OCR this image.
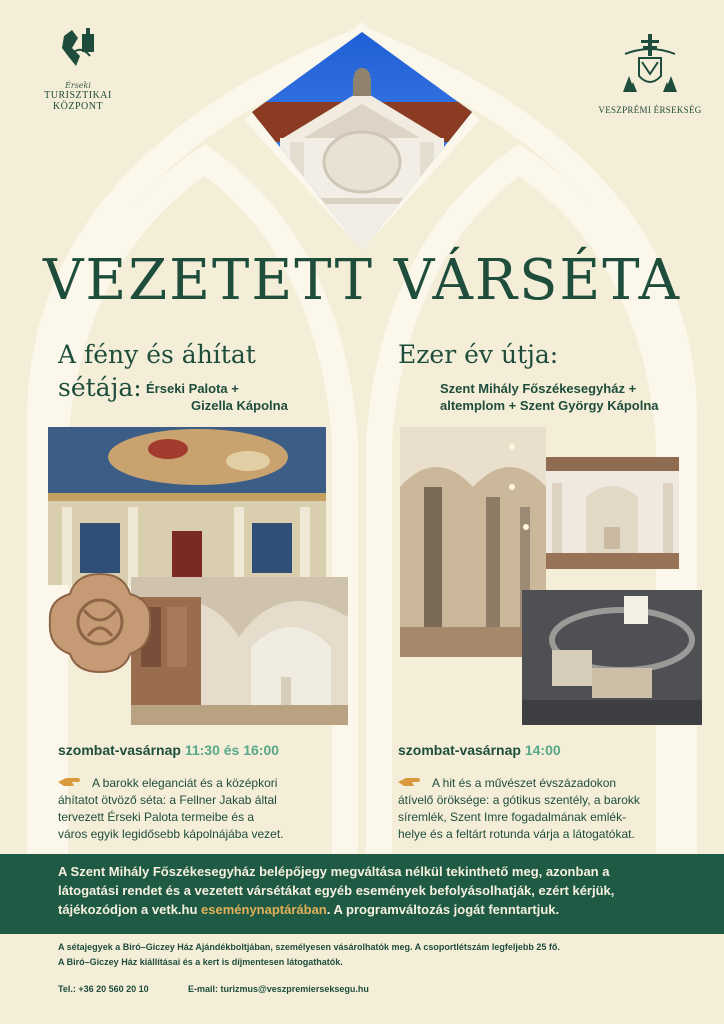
Érseki
TURISZTIKAI
KÖZPONT	VESZPRÉMI ÉRSEKSÉG
VEZETETT VÁRSÉTA
A fény és áhítat
sétája: Érseki Palota +
Gizella Kápolna
Ezer év útja:
Szent Mihály Főszékesegyház +
altemplom + Szent György Kápolna
szombat-vasárnap 11:30 és 16:00
A barokk eleganciát és a középkori
áhítatot ötvöző séta: a Fellner Jakab által
tervezett Érseki Palota termeibe és a
város egyik legidősebb kápolnájába vezet.
szombat-vasárnap 14:00
A hit és a művészet évszázadokon
átívelő öröksége: a gótikus szentély, a barokk
síremlék, Szent Imre fogadalmának emlék-
helye és a feltárt rotunda várja a látogatókat.
A Szent Mihály Főszékesegyház belépőjegy megváltása nélkül tekinthető meg, azonban a
látogatási rendet és a vezetett vársétákat egyéb események befolyásolhatják, ezért kérjük,
tájékozódjon a vetk.hu eseménynaptárában. A programváltozás jogát fenntartjuk.
A sétajegyek a Biró–Giczey Ház Ajándékboltjában, személyesen vásárolhatók meg. A csoportlétszám legfeljebb 25 fő.
A Biró–Giczey Ház kiállításai és a kert is díjmentesen látogathatók.
Tel.: +36 20 560 20 10	E-mail: turizmus@veszpremierseksegu.hu
